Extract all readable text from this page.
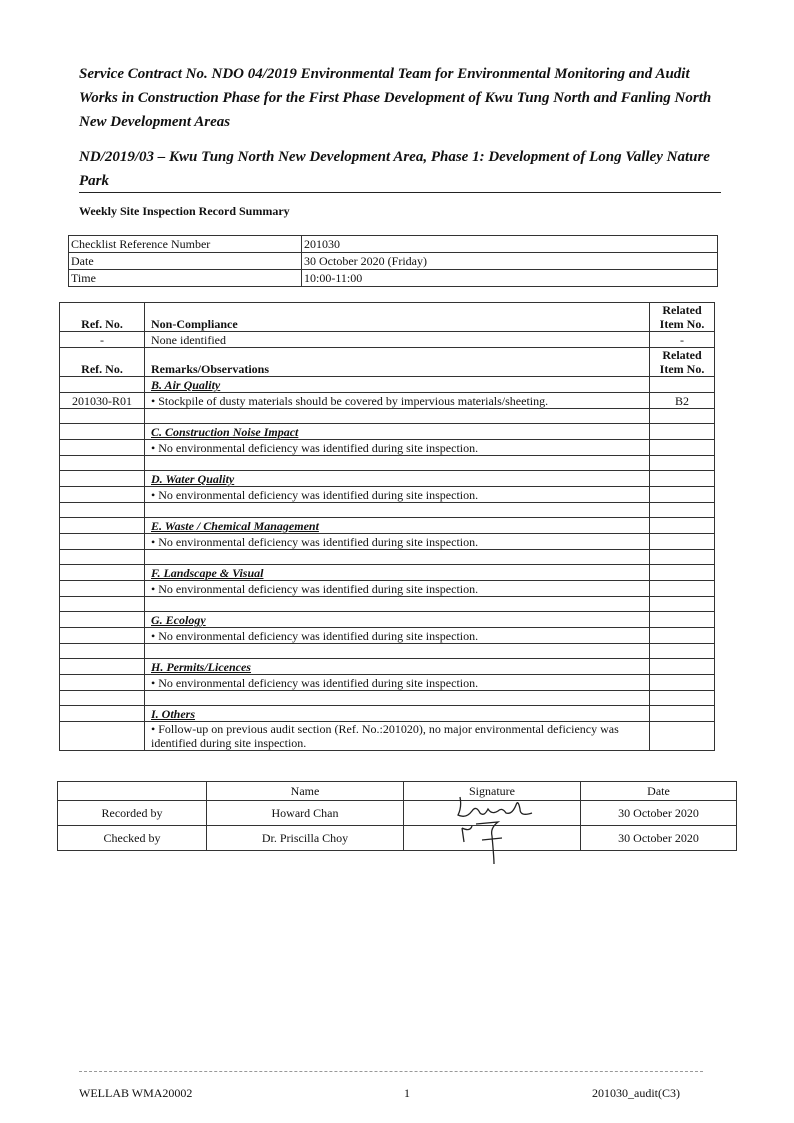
Service Contract No. NDO 04/2019 Environmental Team for Environmental Monitoring and Audit Works in Construction Phase for the First Phase Development of Kwu Tung North and Fanling North New Development Areas

ND/2019/03 – Kwu Tung North New Development Area, Phase 1: Development of Long Valley Nature Park

Weekly Site Inspection Record Summary
Checklist Reference Number	201030
Date	30 October 2020 (Friday)
Time	10:00-11:00
Ref. No.	Non-Compliance	Related Item No.
-	None identified	-
Ref. No.	Remarks/Observations	Related Item No.
	B. Air Quality	
201030-R01	• Stockpile of dusty materials should be covered by impervious materials/sheeting.	B2

	C. Construction Noise Impact	
	• No environmental deficiency was identified during site inspection.	

	D. Water Quality	
	• No environmental deficiency was identified during site inspection.	

	E. Waste / Chemical Management	
	• No environmental deficiency was identified during site inspection.	

	F. Landscape & Visual	
	• No environmental deficiency was identified during site inspection.	

	G. Ecology	
	• No environmental deficiency was identified during site inspection.	

	H. Permits/Licences	
	• No environmental deficiency was identified during site inspection.	

	I. Others	
	• Follow-up on previous audit section (Ref. No.:201020), no major environmental deficiency was identified during site inspection.	
	Name	Signature	Date
Recorded by	Howard Chan		30 October 2020
Checked by	Dr. Priscilla Choy		30 October 2020
WELLAB WMA20002	1	201030_audit(C3)
